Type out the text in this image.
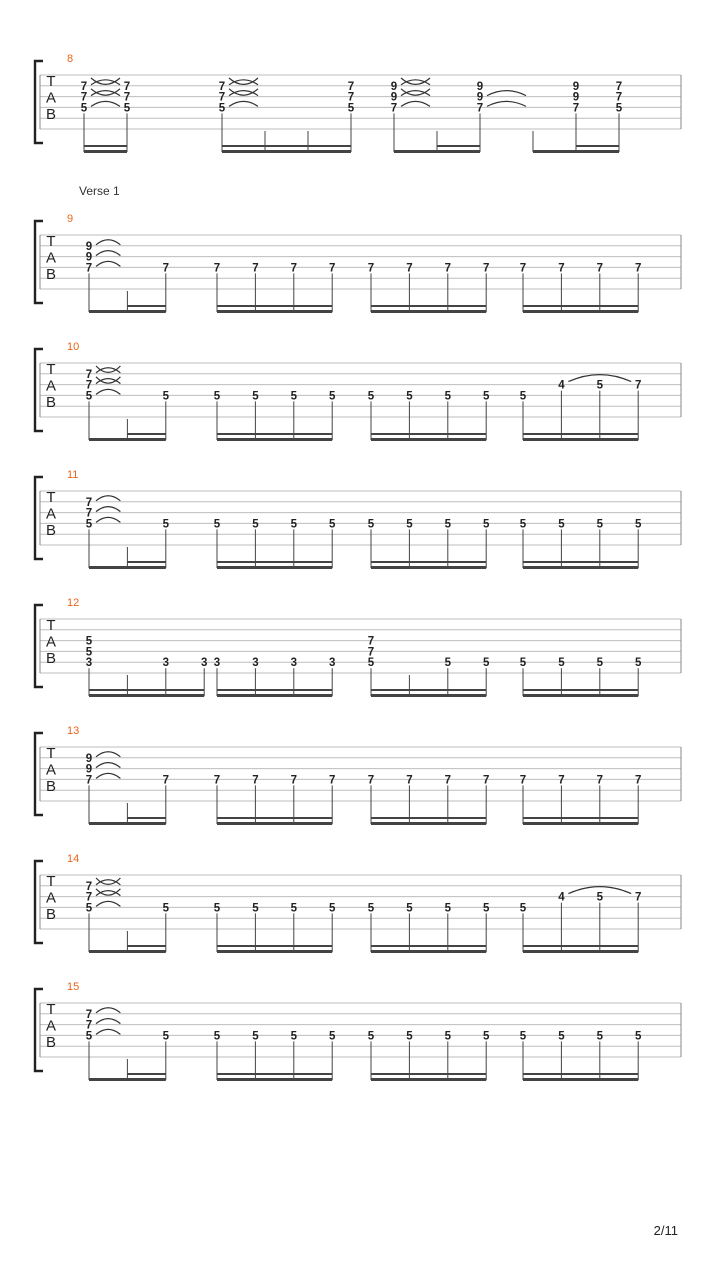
T
A
B
8
7
7
5
7
7
5
7
7
5
7
7
5
9
9
7
9
9
7
9
9
7
7
7
5
T
A
B
9
Verse 1
9
9
7	7	7	7	7	7	7	7	7	7	7	7	7	7
T
A
B
10
7
7
5	5	5	5	5	5	5	5	5	5	5
4	5	7
T
A
B
11
7
7
5	5	5	5	5	5	5	5	5	5	5	5	5	5
T
A
B
12
5
5
3	3	3 3	3	3	3
7
7
5	5	5	5	5	5	5
T
A
B
13
9
9
7	7	7	7	7	7	7	7	7	7	7	7	7	7
T
A
B
14
7
7
5	5	5	5	5	5	5	5	5	5	5
4	5	7
T
A
B
15
7
7
5	5	5	5	5	5	5	5	5	5	5	5	5	5
2/11
